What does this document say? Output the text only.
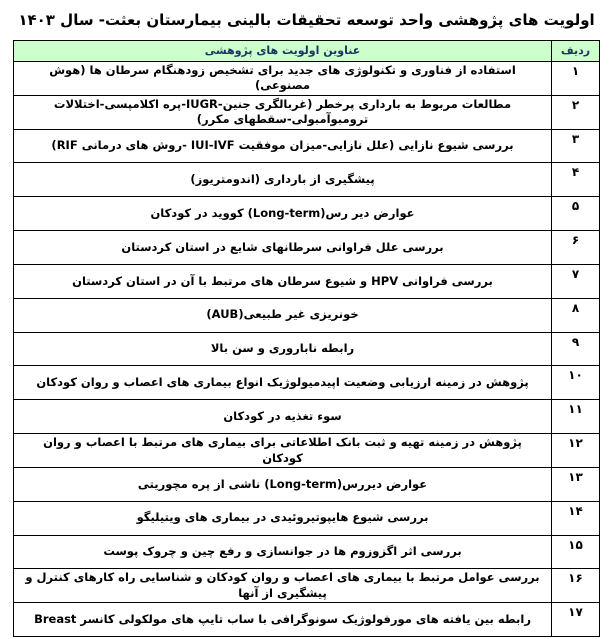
اولویت های پژوهشی واحد توسعه تحقیقات بالینی بیمارستان بعثت- سال ۱۴۰۳
ردیف
عناوین اولویت های پژوهشی
۱
استفاده از فناوری و تکنولوژی های جدید برای تشخیص زودهنگام سرطان ها (هوش مصنوعی)
۲
مطالعات مربوط به بارداری پرخطر (غربالگری جنین-IUGR-پره اکلامپسی-اختلالات ترومبوآمبولی-سقطهای مکرر)
۳
بررسی شیوع نازایی (علل نازایی-میزان موفقیت IUI-IVF -روش های درمانی RIF)
۴
پیشگیری از بارداری (اندومتریوز)
۵
عوارض دیر رس(Long-term) کووید در کودکان
۶
بررسی علل فراوانی سرطانهای شایع در استان کردستان
۷
بررسی فراوانی HPV و شیوع سرطان های مرتبط با آن در استان کردستان
۸
خونریزی غیر طبیعی(AUB)
۹
رابطه ناباروری و سن بالا
۱۰
پژوهش در زمینه ارزیابی وضعیت اپیدمیولوژیک انواع بیماری های اعصاب و روان کودکان
۱۱
سوء تغذیه در کودکان
۱۲
پژوهش در زمینه تهیه و ثبت بانک اطلاعاتی برای بیماری های مرتبط با اعصاب و روان کودکان
۱۳
عوارض دیررس(Long-term) ناشی از پره مچوریتی
۱۴
بررسی شیوع هایپوتیروئیدی در بیماری های ویتیلیگو
۱۵
بررسی اثر اگزوزوم ها در جوانسازی و رفع چین و چروک پوست
۱۶
بررسی عوامل مرتبط با بیماری های اعصاب و روان کودکان و شناسایی راه کارهای کنترل و پیشگیری از آنها
۱۷
رابطه بین یافته های مورفولوژیک سونوگرافی با ساب تایپ های مولکولی کانسر Breast
